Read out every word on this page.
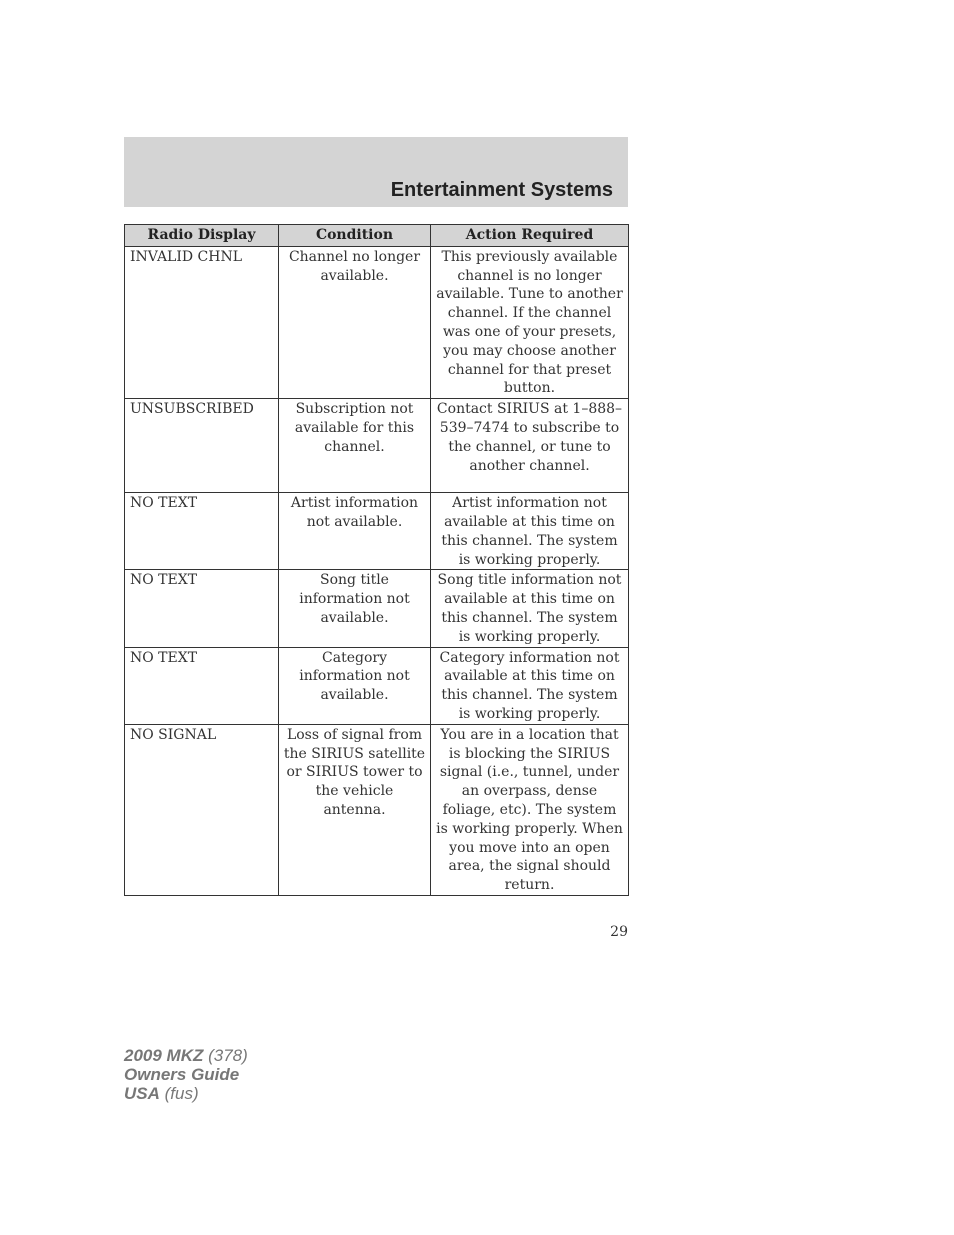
Entertainment Systems
Radio Display	Condition	Action Required
INVALID CHNL	Channel no longer available.	This previously available channel is no longer available. Tune to another channel. If the channel was one of your presets, you may choose another channel for that preset button.
UNSUBSCRIBED	Subscription not available for this channel.	Contact SIRIUS at 1–888–539–7474 to subscribe to the channel, or tune to another channel.
NO TEXT	Artist information not available.	Artist information not available at this time on this channel. The system is working properly.
NO TEXT	Song title information not available.	Song title information not available at this time on this channel. The system is working properly.
NO TEXT	Category information not available.	Category information not available at this time on this channel. The system is working properly.
NO SIGNAL	Loss of signal from the SIRIUS satellite or SIRIUS tower to the vehicle antenna.	You are in a location that is blocking the SIRIUS signal (i.e., tunnel, under an overpass, dense foliage, etc). The system is working properly. When you move into an open area, the signal should return.
29
2009 MKZ (378)
Owners Guide
USA (fus)
